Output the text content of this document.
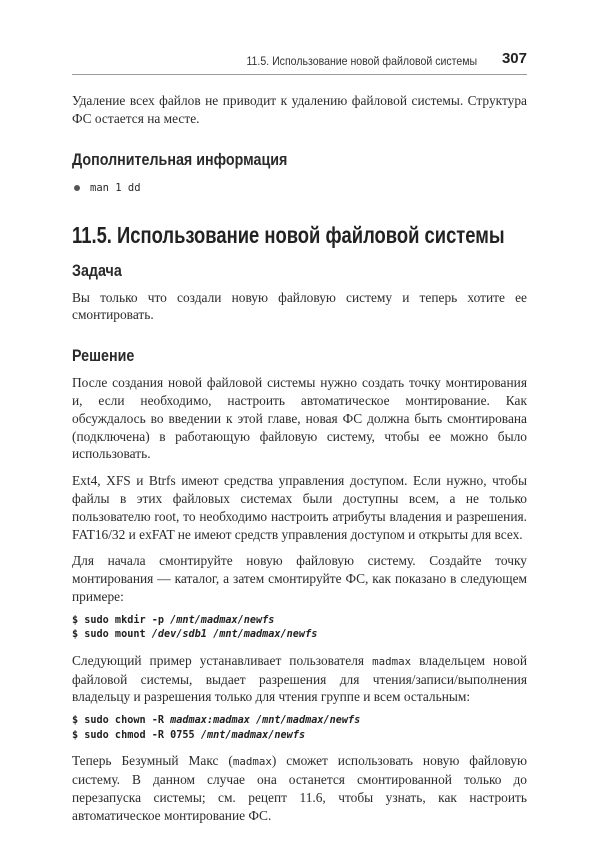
11.5. Использование новой файловой системы 307

Удаление всех файлов не приводит к удалению файловой системы. Структура ФС остается на месте.

Дополнительная информация
man 1 dd
11.5. Использование новой файловой системы
Задача

Вы только что создали новую файловую систему и теперь хотите ее смонтировать.

Решение

После создания новой файловой системы нужно создать точку монтирования и, если необходимо, настроить автоматическое монтирование. Как обсуждалось во введении к этой главе, новая ФС должна быть смонтирована (подключена) в работающую файловую систему, чтобы ее можно было использовать.

Ext4, XFS и Btrfs имеют средства управления доступом. Если нужно, чтобы файлы в этих файловых системах были доступны всем, а не только пользователю root, то необходимо настроить атрибуты владения и разрешения. FAT16/32 и exFAT не имеют средств управления доступом и открыты для всех.

Для начала смонтируйте новую файловую систему. Создайте точку монтирования — каталог, а затем смонтируйте ФС, как показано в следующем примере:

$ sudo mkdir -p /mnt/madmax/newfs
$ sudo mount /dev/sdb1 /mnt/madmax/newfs

Следующий пример устанавливает пользователя madmax владельцем новой файловой системы, выдает разрешения для чтения/записи/выполнения владельцу и разрешения только для чтения группе и всем остальным:

$ sudo chown -R madmax:madmax /mnt/madmax/newfs
$ sudo chmod -R 0755 /mnt/madmax/newfs

Теперь Безумный Макс (madmax) сможет использовать новую файловую систему. В данном случае она останется смонтированной только до перезапуска системы; см. рецепт 11.6, чтобы узнать, как настроить автоматическое монтирование ФС.
